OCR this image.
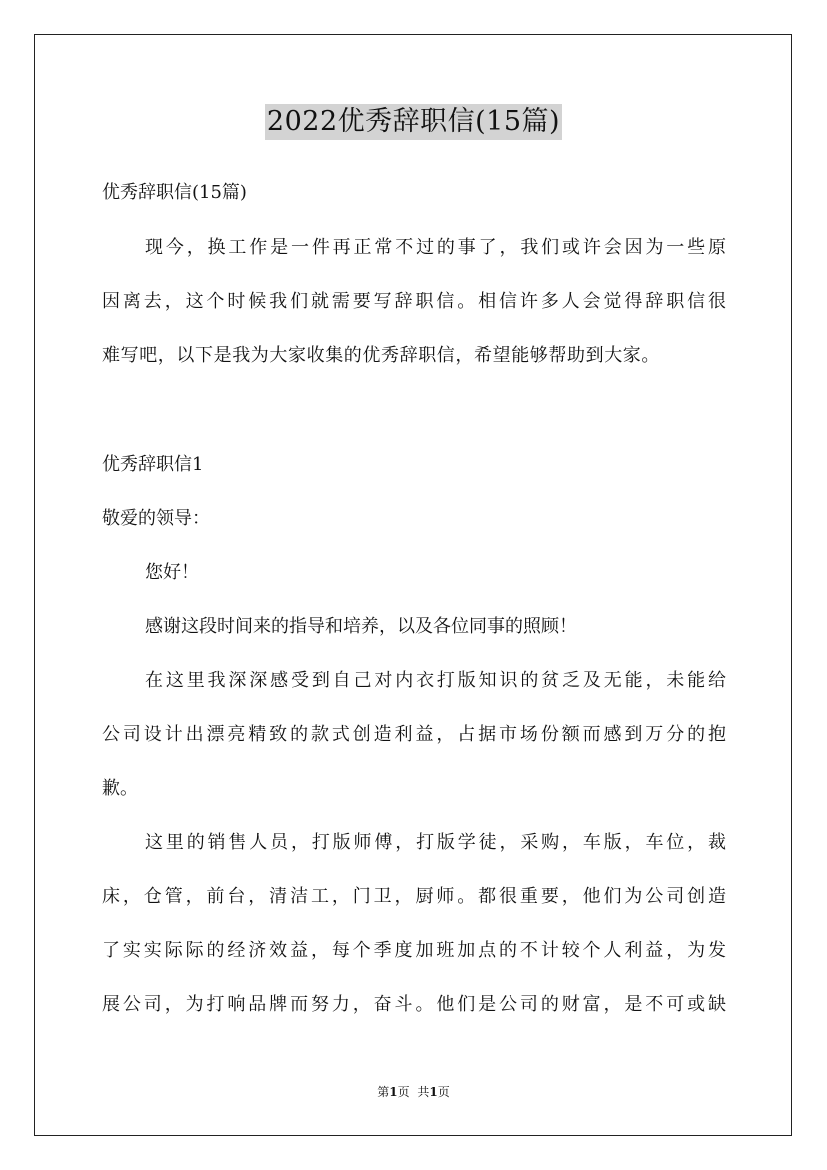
2022优秀辞职信(15篇)
优秀辞职信(15篇)
现今，换工作是一件再正常不过的事了，我们或许会因为一些原
因离去，这个时候我们就需要写辞职信。相信许多人会觉得辞职信很
难写吧，以下是我为大家收集的优秀辞职信，希望能够帮助到大家。
优秀辞职信1
敬爱的领导：
您好！
感谢这段时间来的指导和培养，以及各位同事的照顾！
在这里我深深感受到自己对内衣打版知识的贫乏及无能，未能给
公司设计出漂亮精致的款式创造利益，占据市场份额而感到万分的抱
歉。
这里的销售人员，打版师傅，打版学徒，采购，车版，车位，裁
床，仓管，前台，清洁工，门卫，厨师。都很重要，他们为公司创造
了实实际际的经济效益，每个季度加班加点的不计较个人利益，为发
展公司，为打响品牌而努力，奋斗。他们是公司的财富，是不可或缺
第1页 共1页
